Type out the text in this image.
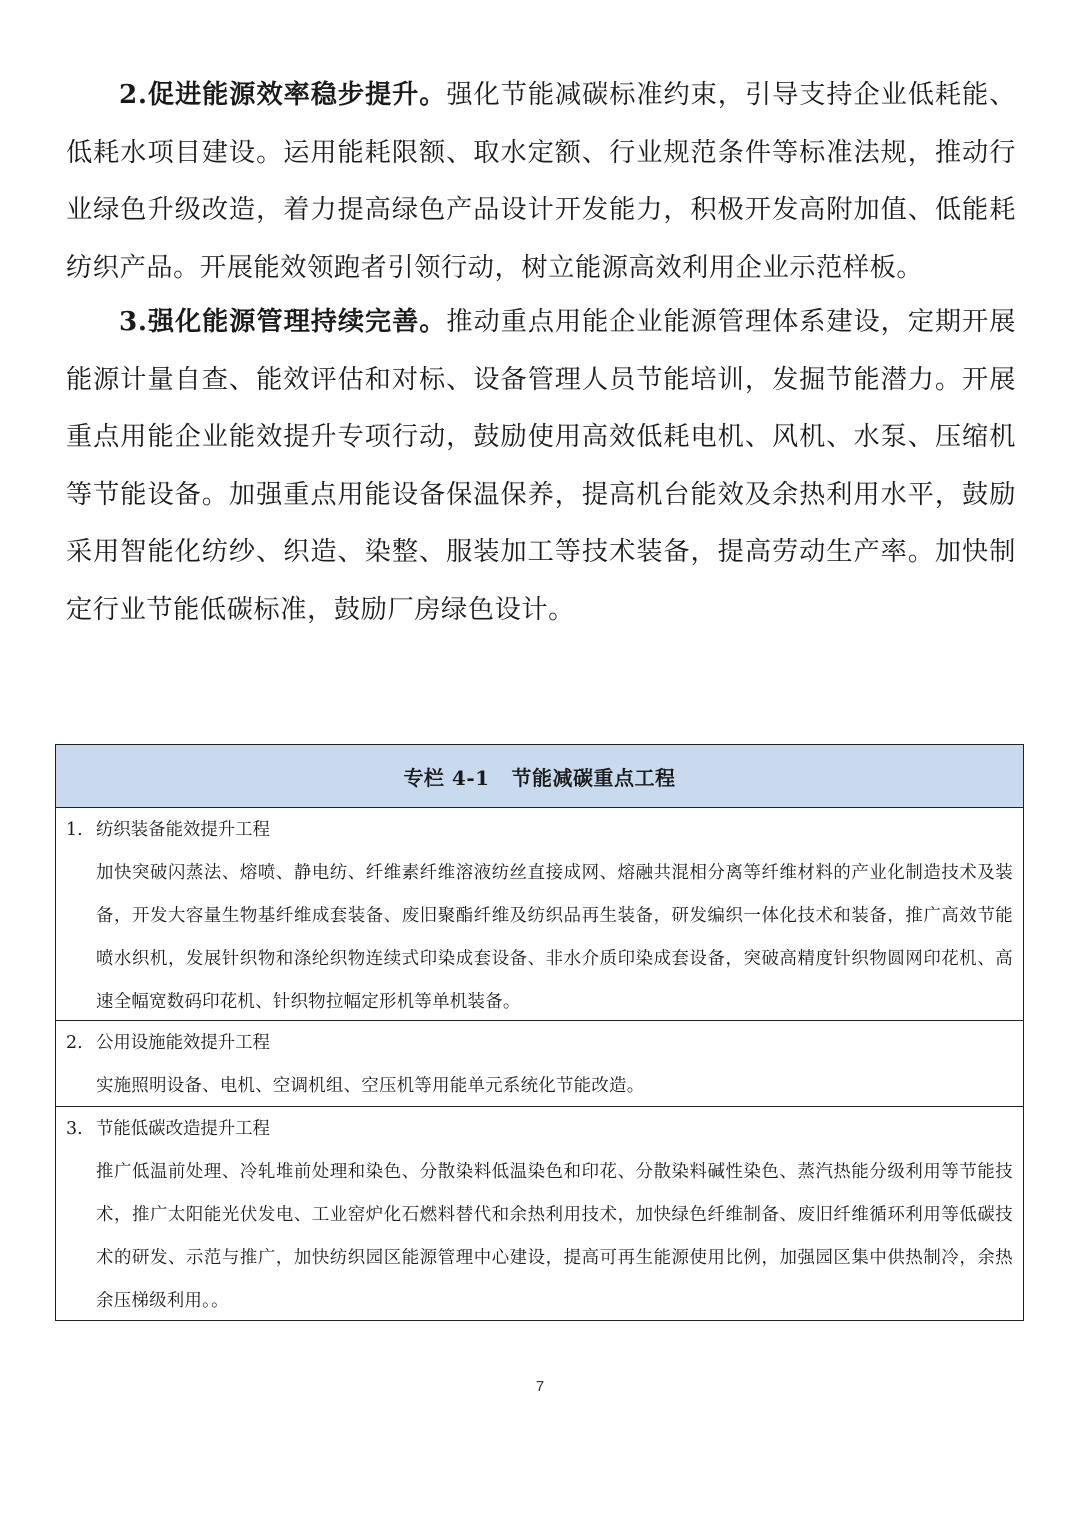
2.促进能源效率稳步提升。强化节能减碳标准约束，引导支持企业低耗能、低耗水项目建设。运用能耗限额、取水定额、行业规范条件等标准法规，推动行业绿色升级改造，着力提高绿色产品设计开发能力，积极开发高附加值、低能耗纺织产品。开展能效领跑者引领行动，树立能源高效利用企业示范样板。

3.强化能源管理持续完善。推动重点用能企业能源管理体系建设，定期开展能源计量自查、能效评估和对标、设备管理人员节能培训，发掘节能潜力。开展重点用能企业能效提升专项行动，鼓励使用高效低耗电机、风机、水泵、压缩机等节能设备。加强重点用能设备保温保养，提高机台能效及余热利用水平，鼓励采用智能化纺纱、织造、染整、服装加工等技术装备，提高劳动生产率。加快制定行业节能低碳标准，鼓励厂房绿色设计。

专栏 4-1 节能减碳重点工程

1. 纺织装备能效提升工程

加快突破闪蒸法、熔喷、静电纺、纤维素纤维溶液纺丝直接成网、熔融共混相分离等纤维材料的产业化制造技术及装备，开发大容量生物基纤维成套装备、废旧聚酯纤维及纺织品再生装备，研发编织一体化技术和装备，推广高效节能喷水织机，发展针织物和涤纶织物连续式印染成套设备、非水介质印染成套设备，突破高精度针织物圆网印花机、高速全幅宽数码印花机、针织物拉幅定形机等单机装备。

2. 公用设施能效提升工程

实施照明设备、电机、空调机组、空压机等用能单元系统化节能改造。

3. 节能低碳改造提升工程

推广低温前处理、冷轧堆前处理和染色、分散染料低温染色和印花、分散染料碱性染色、蒸汽热能分级利用等节能技术，推广太阳能光伏发电、工业窑炉化石燃料替代和余热利用技术，加快绿色纤维制备、废旧纤维循环利用等低碳技术的研发、示范与推广，加快纺织园区能源管理中心建设，提高可再生能源使用比例，加强园区集中供热制冷，余热余压梯级利用。。

7
